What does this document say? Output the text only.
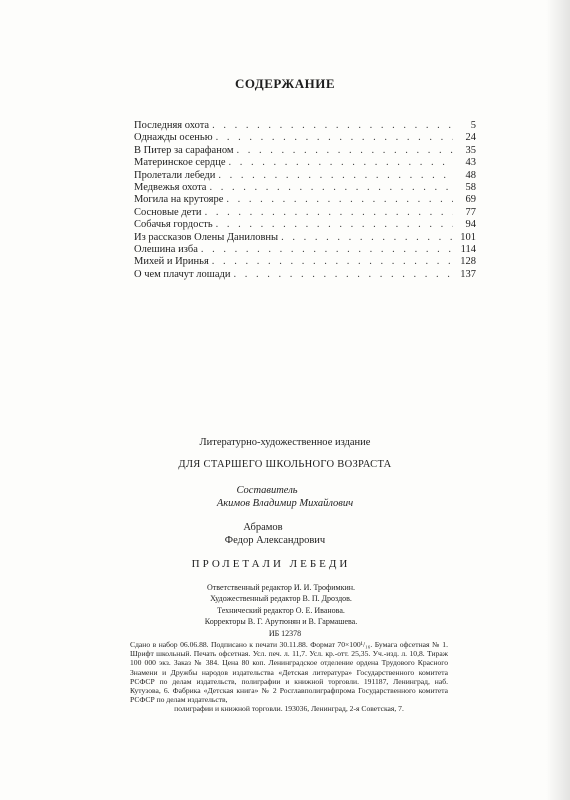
СОДЕРЖАНИЕ
Последняя охота . . .	5
Однажды осенью . . .	24
В Питер за сарафаном . . .	35
Материнское сердце . . .	43
Пролетали лебеди . . .	48
Медвежья охота . . .	58
Могила на крутояре . . .	69
Сосновые дети . . .	77
Собачья гордость . . .	94
Из рассказов Олены Даниловны . . .	101
Олешина изба . . .	114
Михей и Иринья . . .	128
О чем плачут лошади . . .	137
Литературно-художественное издание
ДЛЯ СТАРШЕГО ШКОЛЬНОГО ВОЗРАСТА
Составитель
Акимов Владимир Михайлович
Абрамов
Федор Александрович
ПРОЛЕТАЛИ ЛЕБЕДИ
Ответственный редактор И. И. Трофимкин.
Художественный редактор В. П. Дроздов.
Технический редактор О. Е. Иванова.
Корректоры В. Г. Арутюнян и В. Гармашева.
ИБ 12378
Сдано в набор 06.06.88. Подписано к печати 30.11.88. Формат 70×100¹/₁₆. Бумага офсетная № 1. Шрифт школьный. Печать офсетная. Усл. печ. л. 11,7. Усл. кр.-отт. 25,35. Уч.-изд. л. 10,8. Тираж 100 000 экз. Заказ № 384. Цена 80 коп. Ленинградское отделение ордена Трудового Красного Знамени и Дружбы народов издательства «Детская литература» Государственного комитета РСФСР по делам издательств, полиграфии и книжной торговли. 191187, Ленинград, наб. Кутузова, 6. Фабрика «Детская книга» № 2 Росглавполиграфпрома Государственного комитета РСФСР по делам издательств,
полиграфии и книжной торговли. 193036, Ленинград, 2-я Советская, 7.
